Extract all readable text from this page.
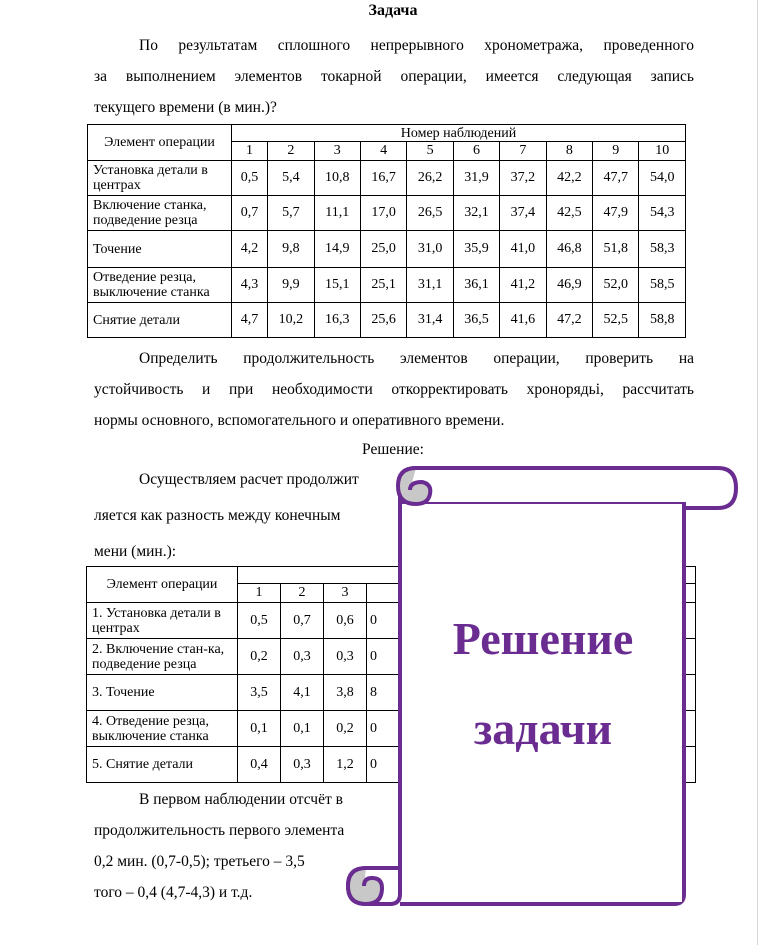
Задача
По результатам сплошного непрерывного хронометража, проведенного
за выполнением элементов токарной операции, имеется следующая запись
текущего времени (в мин.)?
Элемент операции	Номер наблюдений									
	1	2	3	4	5	6	7	8	9	10
Установка детали в центрах	0,5	5,4	10,8	16,7	26,2	31,9	37,2	42,2	47,7	54,0
Включение станка, подведение резца	0,7	5,7	11,1	17,0	26,5	32,1	37,4	42,5	47,9	54,3
Точение	4,2	9,8	14,9	25,0	31,0	35,9	41,0	46,8	51,8	58,3
Отведение резца, выключение станка	4,3	9,9	15,1	25,1	31,1	36,1	41,2	46,9	52,0	58,5
Снятие детали	4,7	10,2	16,3	25,6	31,4	36,5	41,6	47,2	52,5	58,8
Определить продолжительность элементов операции, проверить на
устойчивость и при необходимости откорректировать хронорядьі, рассчитать
нормы основного, вспомогательного и оперативного времени.
Решение:
Осуществляем расчет продолжит
ляется как разность между конечным
мени (мин.):
Элемент операции				
	1	2	3	
1. Установка детали в центрах	0,5	0,7	0,6	0
2. Включение стан-ка, подведение резца	0,2	0,3	0,3	0
3. Точение	3,5	4,1	3,8	8
4. Отведение резца, выключение станка	0,1	0,1	0,2	0
5. Снятие детали	0,4	0,3	1,2	0
В первом наблюдении отсчёт в
продолжительность первого элемента
0,2 мин. (0,7-0,5); третьего – 3,5
того – 0,4 (4,7-4,3) и т.д.
Решение
задачи
